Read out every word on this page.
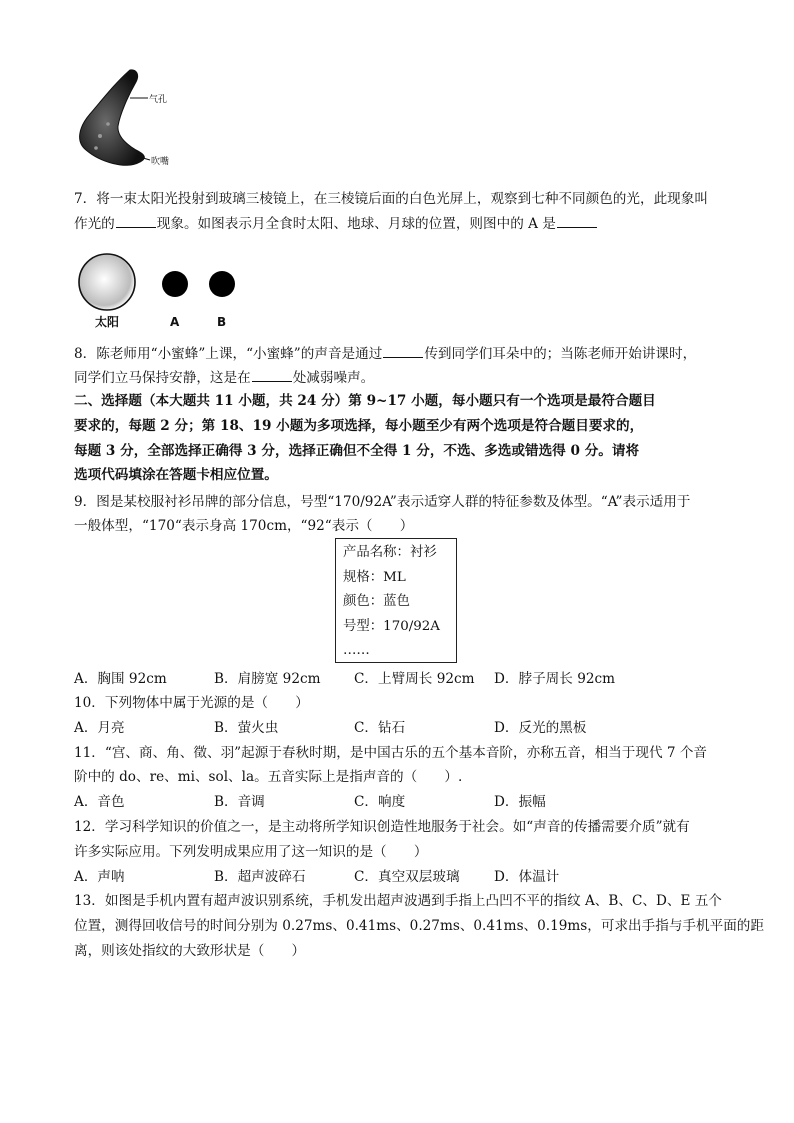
气孔
吹嘴
7．将一束太阳光投射到玻璃三棱镜上，在三棱镜后面的白色光屏上，观察到七种不同颜色的光，此现象叫
作光的	现象。如图表示月全食时太阳、地球、月球的位置，则图中的 A 是
太阳	A	B
8．陈老师用“小蜜蜂”上课，“小蜜蜂”的声音是通过	传到同学们耳朵中的；当陈老师开始讲课时，
同学们立马保持安静，这是在	处减弱噪声。
二、选择题（本大题共 11 小题，共 24 分）第 9~17 小题，每小题只有一个选项是最符合题目
要求的，每题 2 分；第 18、19 小题为多项选择，每小题至少有两个选项是符合题目要求的，
每题 3 分，全部选择正确得 3 分，选择正确但不全得 1 分，不选、多选或错选得 0 分。请将
选项代码填涂在答题卡相应位置。
9．图是某校服衬衫吊牌的部分信息，号型“170/92A”表示适穿人群的特征参数及体型。“A”表示适用于
一般体型，“170“表示身高 170cm，“92“表示（　　）
产品名称：衬衫
规格：ML
颜色：蓝色
号型：170/92A
……
A．胸围 92cm	B．肩膀宽 92cm C．上臂周长 92cm D．脖子周长 92cm
10．下列物体中属于光源的是（　　）
A．月亮	B．萤火虫	C．钻石	D．反光的黑板
11．“宫、商、角、徵、羽”起源于春秋时期，是中国古乐的五个基本音阶，亦称五音，相当于现代 7 个音
阶中的 do、re、mi、sol、la。五音实际上是指声音的（　　）.
A．音色	B．音调	C．响度	D．振幅
12．学习科学知识的价值之一，是主动将所学知识创造性地服务于社会。如“声音的传播需要介质”就有
许多实际应用。下列发明成果应用了这一知识的是（　　）
A．声呐	B．超声波碎石	C．真空双层玻璃	D．体温计
13．如图是手机内置有超声波识别系统，手机发出超声波遇到手指上凸凹不平的指纹 A、B、C、D、E 五个
位置，测得回收信号的时间分别为 0.27ms、0.41ms、0.27ms、0.41ms、0.19ms，可求出手指与手机平面的距
离，则该处指纹的大致形状是（　　）
